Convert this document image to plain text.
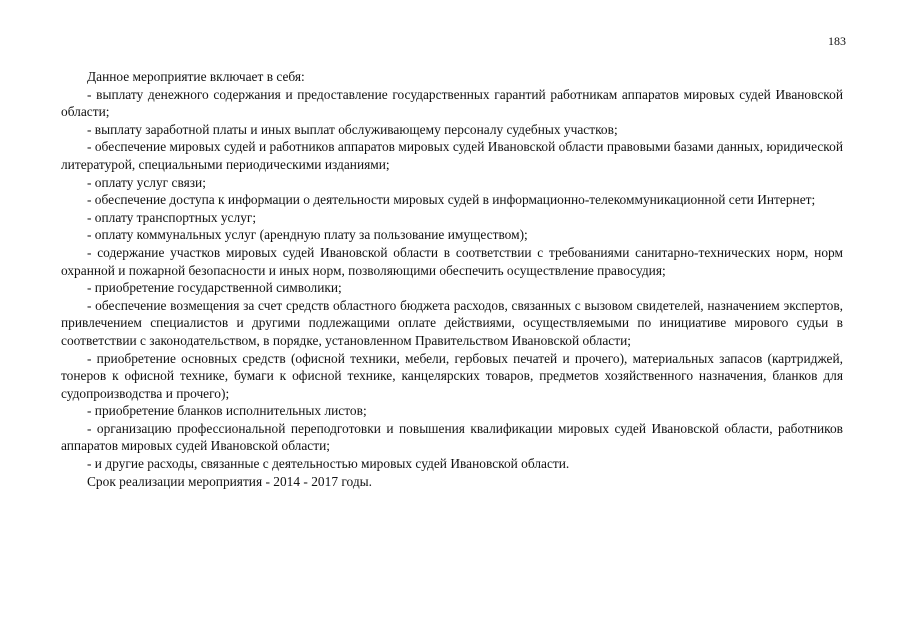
183

Данное мероприятие включает в себя:

- выплату денежного содержания и предоставление государственных гарантий работникам аппаратов мировых судей Ивановской области;

- выплату заработной платы и иных выплат обслуживающему персоналу судебных участков;

- обеспечение мировых судей и работников аппаратов мировых судей Ивановской области правовыми базами данных, юридической литературой, специальными периодическими изданиями;

- оплату услуг связи;

- обеспечение доступа к информации о деятельности мировых судей в информационно-телекоммуникационной сети Интернет;

- оплату транспортных услуг;

- оплату коммунальных услуг (арендную плату за пользование имуществом);

- содержание участков мировых судей Ивановской области в соответствии с требованиями санитарно-технических норм, норм охранной и пожарной безопасности и иных норм, позволяющими обеспечить осуществление правосудия;

- приобретение государственной символики;

- обеспечение возмещения за счет средств областного бюджета расходов, связанных с вызовом свидетелей, назначением экспертов, привлечением специалистов и другими подлежащими оплате действиями, осуществляемыми по инициативе мирового судьи в соответствии с законодательством, в порядке, установленном Правительством Ивановской области;

- приобретение основных средств (офисной техники, мебели, гербовых печатей и прочего), материальных запасов (картриджей, тонеров к офисной технике, бумаги к офисной технике, канцелярских товаров, предметов хозяйственного назначения, бланков для судопроизводства и прочего);

- приобретение бланков исполнительных листов;

- организацию профессиональной переподготовки и повышения квалификации мировых судей Ивановской области, работников аппаратов мировых судей Ивановской области;

- и другие расходы, связанные с деятельностью мировых судей Ивановской области.

Срок реализации мероприятия - 2014 - 2017 годы.
